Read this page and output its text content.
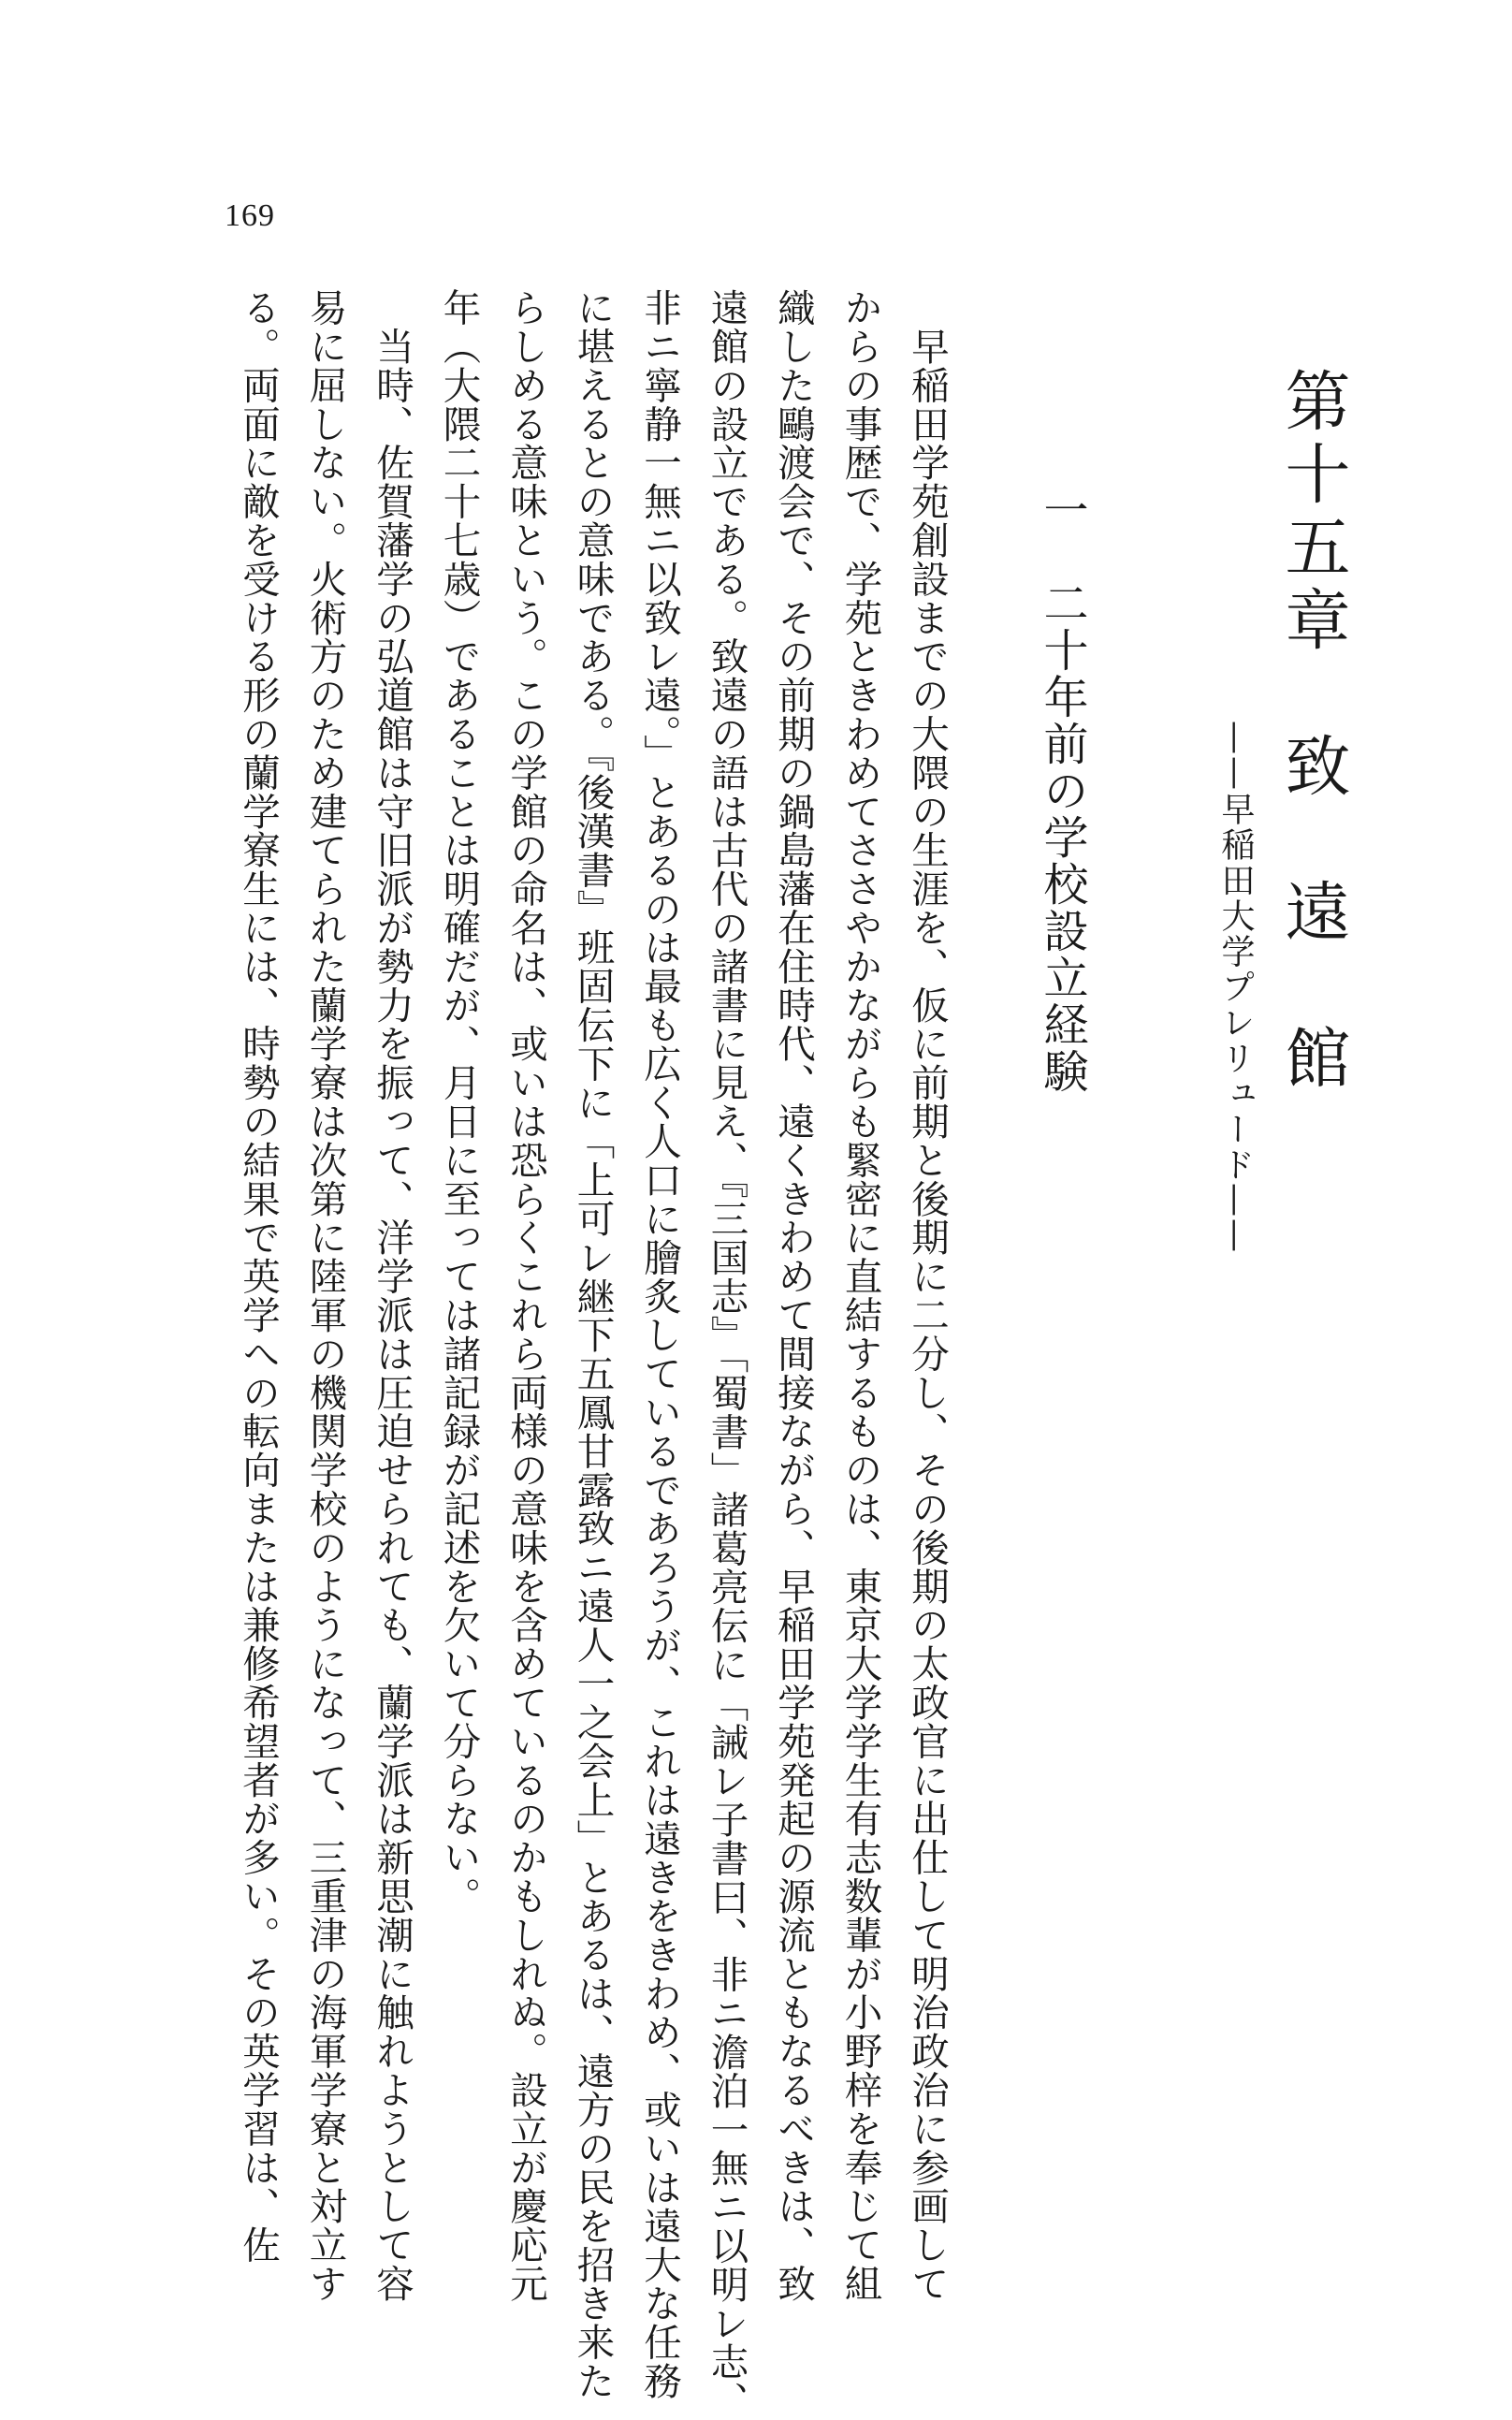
169
第十五章　致　遠　館
——早稲田大学プレリュード——
一　二十年前の学校設立経験
　早稲田学苑創設までの大隈の生涯を、仮に前期と後期に二分し、その後期の太政官に出仕して明治政治に参画して
からの事歴で、学苑ときわめてささやかながらも緊密に直結するものは、東京大学学生有志数輩が小野梓を奉じて組
織した鷗渡会で、その前期の鍋島藩在住時代、遠くきわめて間接ながら、早稲田学苑発起の源流ともなるべきは、致
遠館の設立である。致遠の語は古代の諸書に見え、『三国志』「蜀書」諸葛亮伝に「誡レ子書曰、非ニ澹泊一無ニ以明レ志、
非ニ寧静一無ニ以致レ遠。」とあるのは最も広く人口に膾炙しているであろうが、これは遠きをきわめ、或いは遠大な任務
に堪えるとの意味である。『後漢書』班固伝下に「上可レ継下五鳳甘露致ニ遠人一之会上」とあるは、遠方の民を招き来た
らしめる意味という。この学館の命名は、或いは恐らくこれら両様の意味を含めているのかもしれぬ。設立が慶応元
年（大隈二十七歳）であることは明確だが、月日に至っては諸記録が記述を欠いて分らない。
　当時、佐賀藩学の弘道館は守旧派が勢力を振って、洋学派は圧迫せられても、蘭学派は新思潮に触れようとして容
易に屈しない。火術方のため建てられた蘭学寮は次第に陸軍の機関学校のようになって、三重津の海軍学寮と対立す
る。両面に敵を受ける形の蘭学寮生には、時勢の結果で英学への転向または兼修希望者が多い。その英学習は、佐
